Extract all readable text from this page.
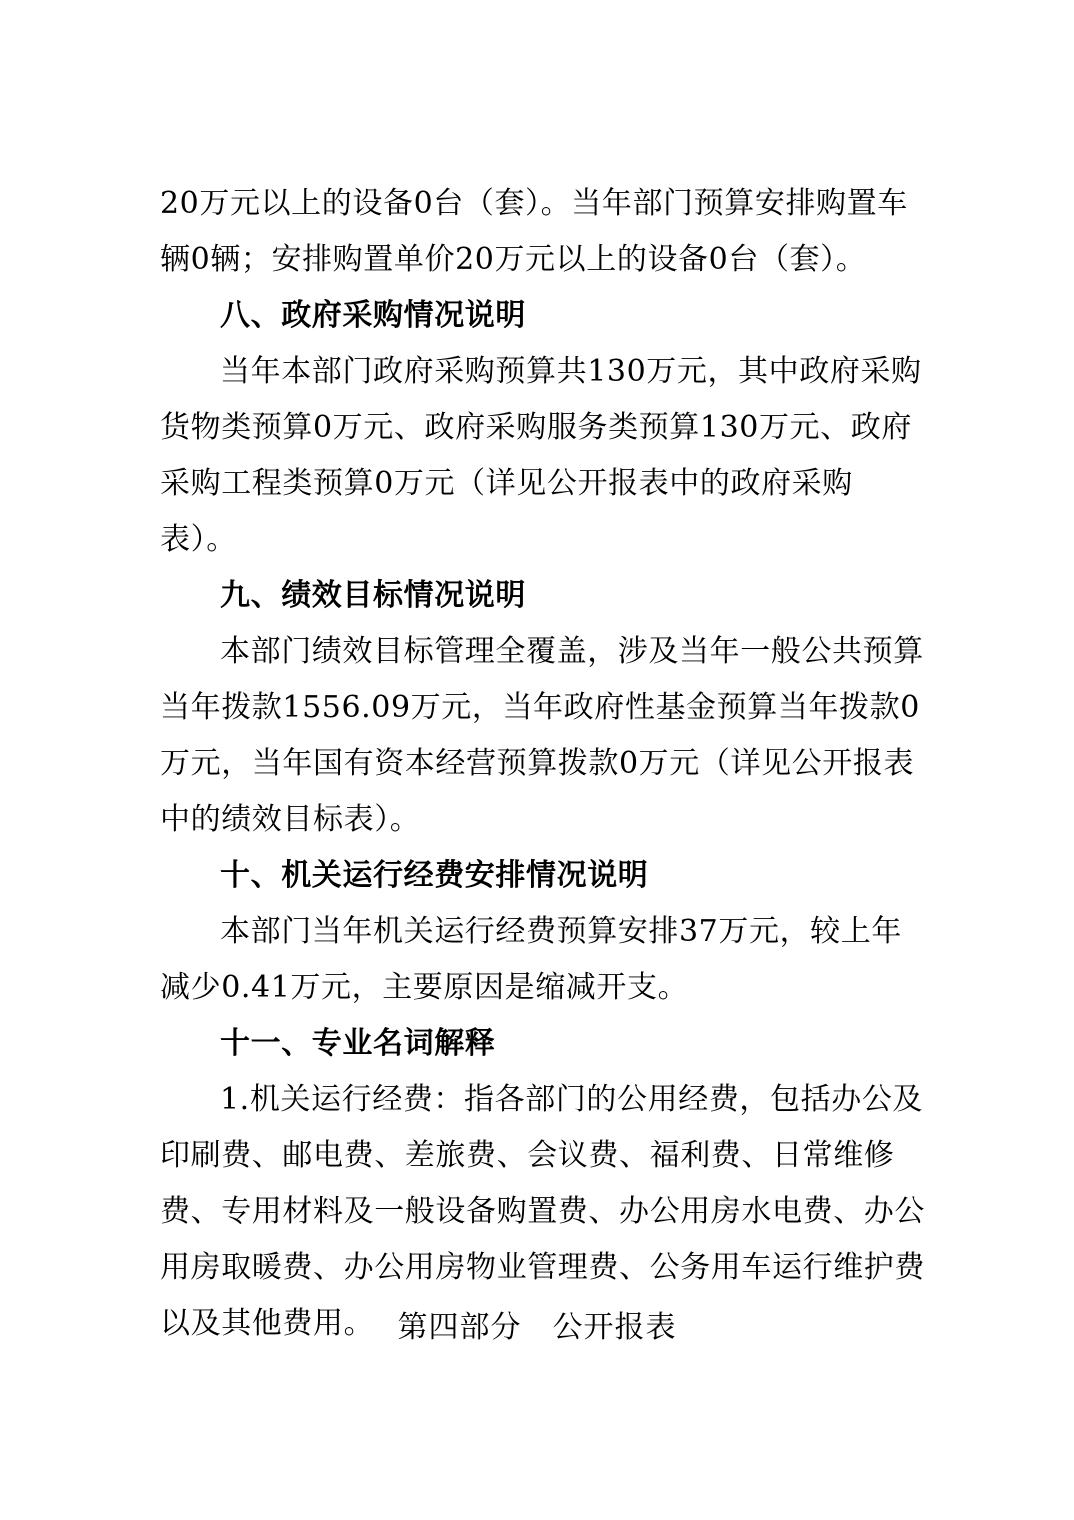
20万元以上的设备0台（套）。当年部门预算安排购置车辆0辆；安排购置单价20万元以上的设备0台（套）。

八、政府采购情况说明

当年本部门政府采购预算共130万元，其中政府采购货物类预算0万元、政府采购服务类预算130万元、政府采购工程类预算0万元（详见公开报表中的政府采购表）。

九、绩效目标情况说明

本部门绩效目标管理全覆盖，涉及当年一般公共预算当年拨款1556.09万元，当年政府性基金预算当年拨款0万元，当年国有资本经营预算拨款0万元（详见公开报表中的绩效目标表）。

十、机关运行经费安排情况说明

本部门当年机关运行经费预算安排37万元，较上年减少0.41万元，主要原因是缩减开支。

十一、专业名词解释

1.机关运行经费：指各部门的公用经费，包括办公及印刷费、邮电费、差旅费、会议费、福利费、日常维修费、专用材料及一般设备购置费、办公用房水电费、办公用房取暖费、办公用房物业管理费、公务用车运行维护费以及其他费用。 第四部分　公开报表
